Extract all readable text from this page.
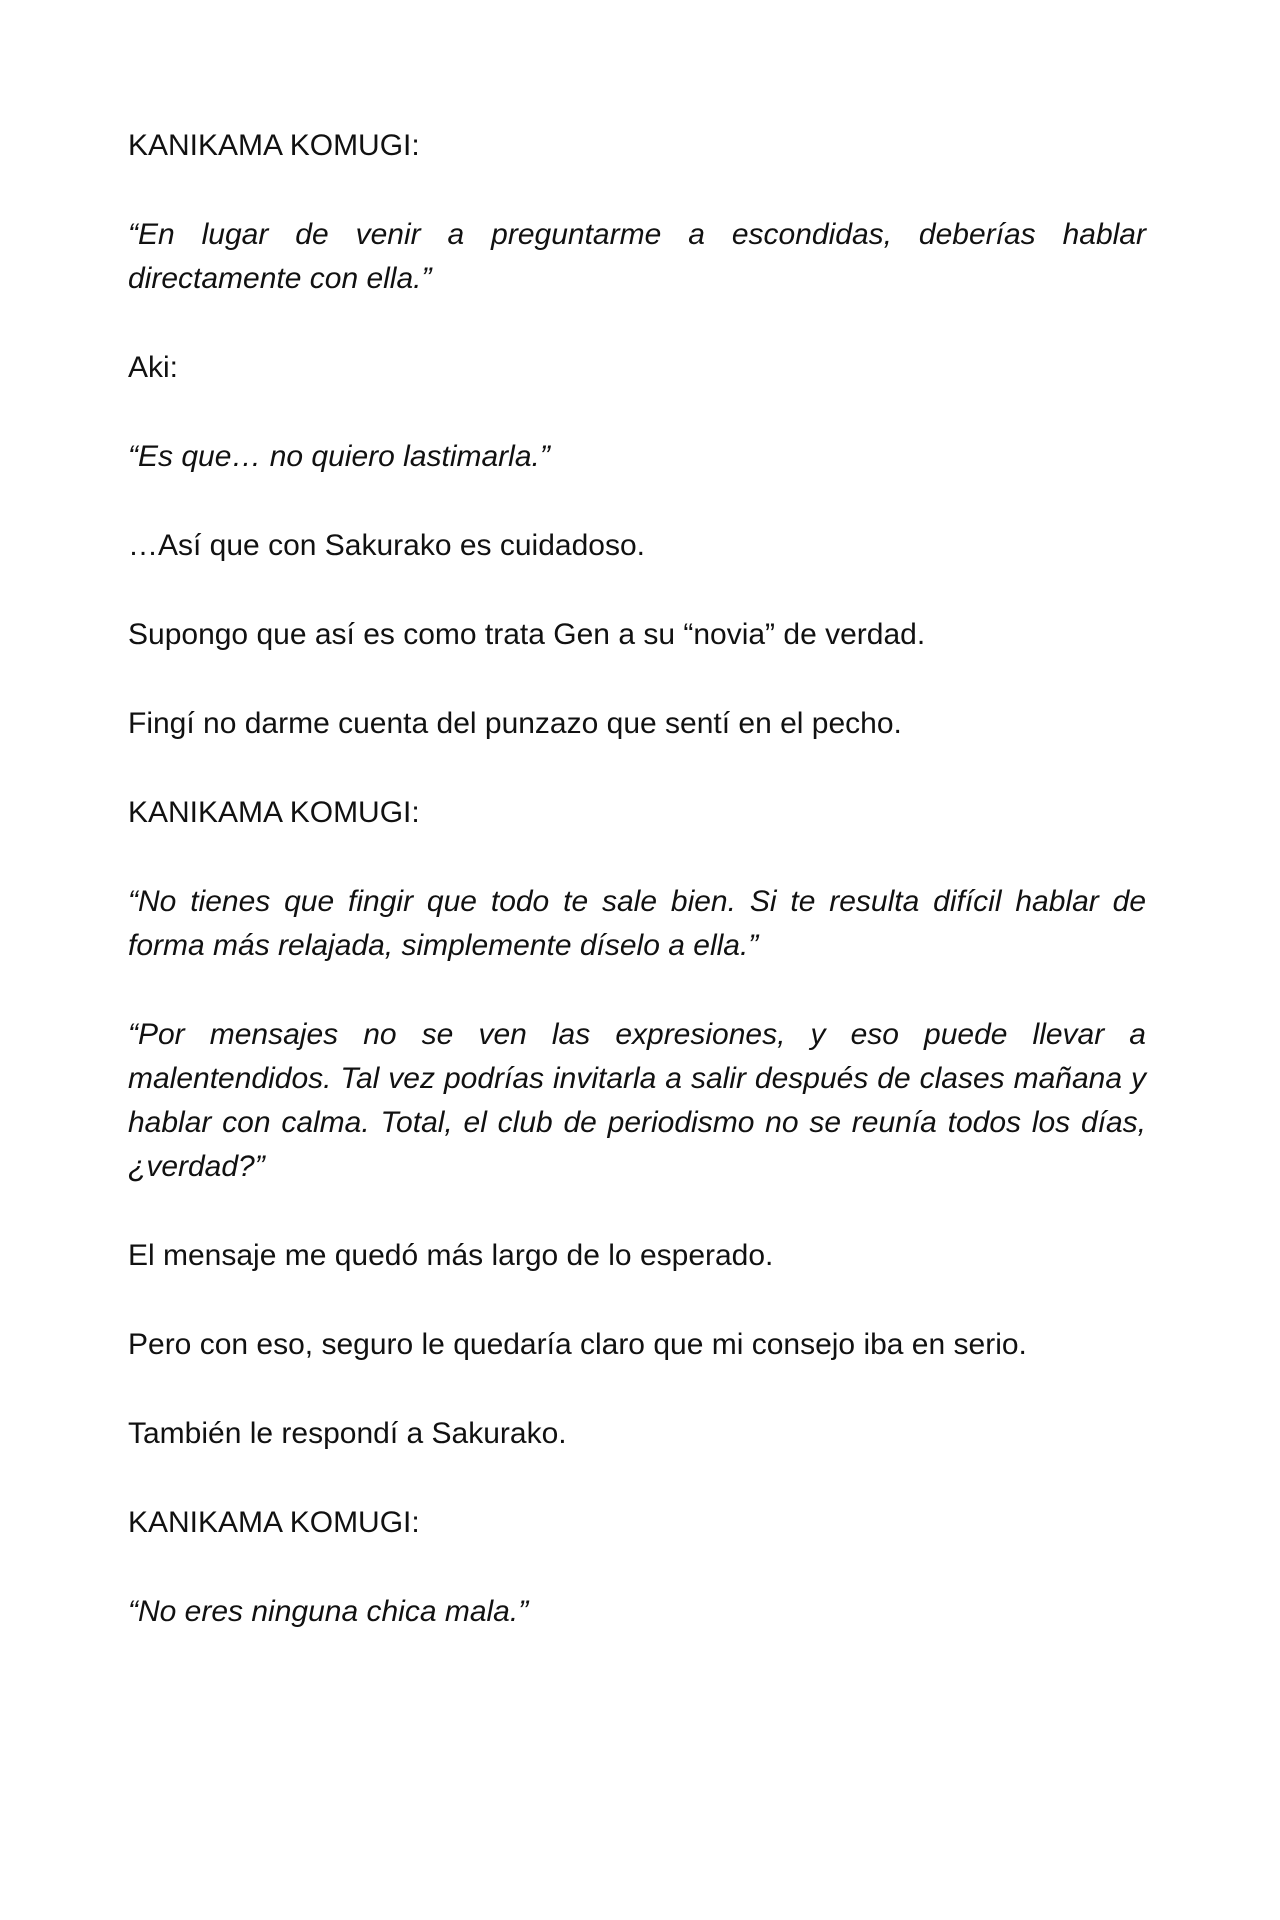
KANIKAMA KOMUGI:

“En lugar de venir a preguntarme a escondidas, deberías hablar directamente con ella.”

Aki:

“Es que… no quiero lastimarla.”

…Así que con Sakurako es cuidadoso.

Supongo que así es como trata Gen a su “novia” de verdad.

Fingí no darme cuenta del punzazo que sentí en el pecho.

KANIKAMA KOMUGI:

“No tienes que fingir que todo te sale bien. Si te resulta difícil hablar de forma más relajada, simplemente díselo a ella.”

“Por mensajes no se ven las expresiones, y eso puede llevar a malentendidos. Tal vez podrías invitarla a salir después de clases mañana y hablar con calma. Total, el club de periodismo no se reunía todos los días, ¿verdad?”

El mensaje me quedó más largo de lo esperado.

Pero con eso, seguro le quedaría claro que mi consejo iba en serio.

También le respondí a Sakurako.

KANIKAMA KOMUGI:

“No eres ninguna chica mala.”
